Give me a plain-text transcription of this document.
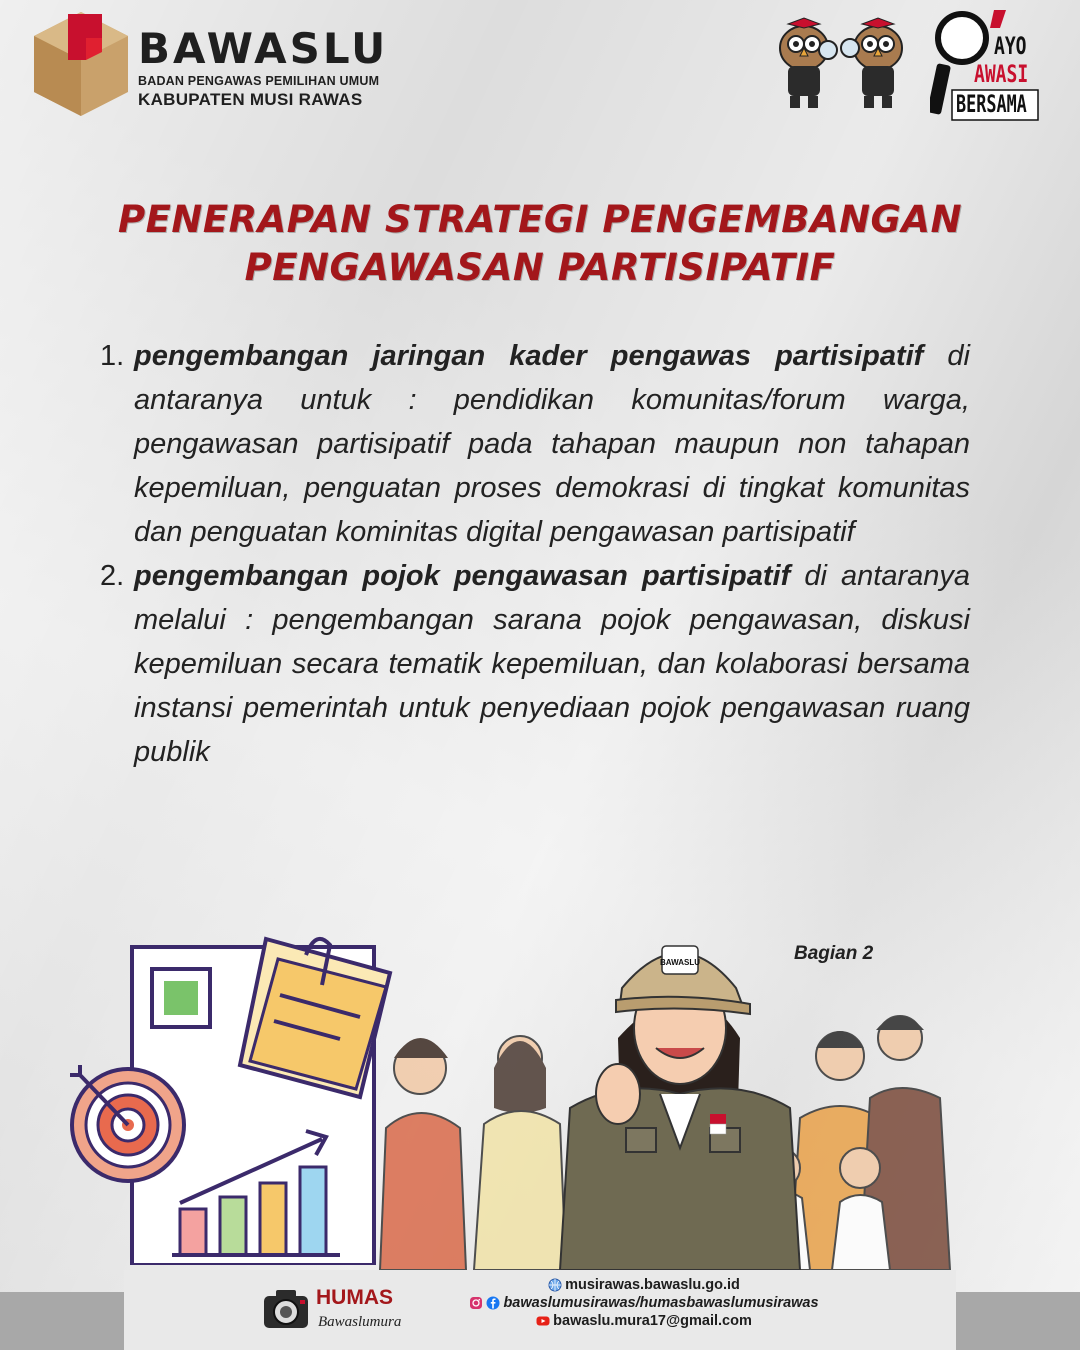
BAWASLU
BADAN PENGAWAS PEMILIHAN UMUM
KABUPATEN MUSI RAWAS
AYO
AWASI
BERSAMA
PENERAPAN STRATEGI PENGEMBANGAN
PENGAWASAN PARTISIPATIF
1. pengembangan jaringan kader pengawas partisipatif di antaranya untuk : pendidikan komunitas/forum warga, pengawasan partisipatif pada tahapan maupun non tahapan kepemiluan, penguatan proses demokrasi di tingkat komunitas dan penguatan kominitas digital pengawasan partisipatif
2. pengembangan pojok pengawasan partisipatif di antaranya melalui : pengembangan sarana pojok pengawasan, diskusi kepemiluan secara tematik kepemiluan, dan kolaborasi bersama instansi pemerintah untuk penyediaan pojok pengawasan ruang publik
Bagian 2
BAWASLU
HUMAS
Bawaslumura
musirawas.bawaslu.go.id
bawaslumusirawas/humasbawaslumusirawas
bawaslu.mura17@gmail.com
